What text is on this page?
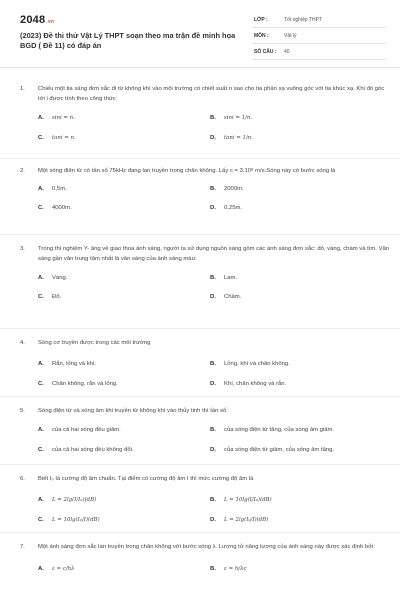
2048.vn
(2023) Đề thi thử Vật Lý THPT soạn theo ma trận đề minh họa BGD ( Đề 11) có đáp án
LỚP :	Tốt nghiệp THPT
MÔN :	Vật lý
SỐ CÂU : 40
1. Chiếu một tia sáng đơn sắc đi từ không khí vào môi trường có chiết suất n sao cho tia phản xạ vuông góc với tia khúc xạ. Khi đó góc tới i được tính theo công thức
A. sini = n.	B. sini = 1/n.
C. tani = n.	D. tani = 1/n.
2. Một sóng điện từ có tần số 75kHz đang lan truyền trong chân không. Lấy c = 3.10⁸ m/s.Sóng này có bước sóng là
A. 0,5m.	B. 2000m.
C. 4000m.	D. 0,25m.
3. Trong thí nghiệm Y- âng về giao thoa ánh sáng, người ta sử dụng nguồn sáng gồm các ánh sáng đơn sắc: đỏ, vàng, chàm và tím. Vân sáng gần vân trung tâm nhất là vân sáng của ánh sáng màu:
A. Vàng.	B. Lam.
C. Đỏ.	D. Chàm.
4. Sóng cơ truyền được trong các môi trường
A. Rắn, lỏng và khí.	B. Lỏng, khí và chân không.
C. Chân không, rắn và lỏng.	D. Khí, chân không và rắn.
5. Sóng điện từ và sóng âm khi truyền từ không khí vào thủy tinh thì tần số
A. của cả hai sóng đều giảm.	B. của sóng điện từ tăng, của sóng âm giảm.
C. của cả hai sóng đều không đổi.	D. của sóng điện từ giảm, của sóng âm tăng.
6. Biết I₀ là cường độ âm chuẩn. Tại điểm có cường độ âm I thì mức cường độ âm là
A. L = 2lg(I/I₀)(dB)	B. L = 10lg(I/I₀)(dB)
C. L = 10lg(I₀/I)(dB)	D. L = 2lg(I₀/I)(dB)
7. Một ánh sáng đơn sắc lan truyền trong chân không với bước sóng λ. Lượng tử năng lượng của ánh sáng này được xác định bởi:
A. ε = c/hλ	B. ε = h/λc
